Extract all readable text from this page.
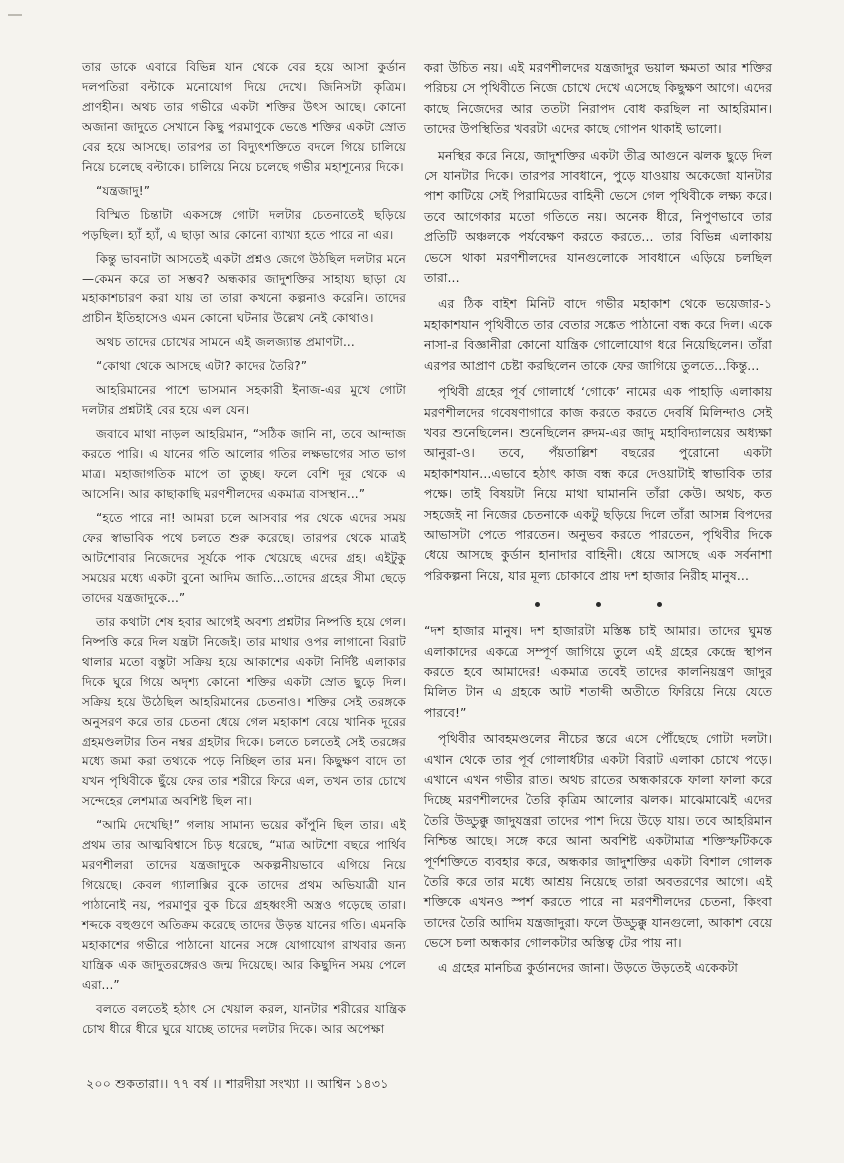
তার ডাকে এবারে বিভিন্ন যান থেকে বের হয়ে আসা কুর্ডান দলপতিরা বল্টাকে মনোযোগ দিয়ে দেখে। জিনিসটা কৃত্রিম। প্রাণহীন। অথচ তার গভীরে একটা শক্তির উৎস আছে। কোনো অজানা জাদুতে সেখানে কিছু পরমাণুকে ভেঙে শক্তির একটা স্রোত বের হয়ে আসছে। তারপর তা বিদ্যুৎশক্তিতে বদলে গিয়ে চালিয়ে নিয়ে চলেছে বল্টাকে। চালিয়ে নিয়ে চলেছে গভীর মহাশূন্যের দিকে।

“যন্ত্রজাদু!”

বিস্মিত চিন্তাটা একসঙ্গে গোটা দলটার চেতনাতেই ছড়িয়ে পড়ছিল। হ্যাঁ হ্যাঁ, এ ছাড়া আর কোনো ব্যাখ্যা হতে পারে না এর।

কিন্তু ভাবনাটা আসতেই একটা প্রশ্নও জেগে উঠছিল দলটার মনে—কেমন করে তা সম্ভব? অন্ধকার জাদুশক্তির সাহায্য ছাড়া যে মহাকাশচারণ করা যায় তা তারা কখনো কল্পনাও করেনি। তাদের প্রাচীন ইতিহাসেও এমন কোনো ঘটনার উল্লেখ নেই কোথাও।

অথচ তাদের চোখের সামনে এই জলজ্যান্ত প্রমাণটা...

“কোথা থেকে আসছে এটা? কাদের তৈরি?”

আহরিমানের পাশে ভাসমান সহকারী ইনাজ-এর মুখে গোটা দলটার প্রশ্নটাই বের হয়ে এল যেন।

জবাবে মাথা নাড়ল আহরিমান, “সঠিক জানি না, তবে আন্দাজ করতে পারি। এ যানের গতি আলোর গতির লক্ষভাগের সাত ভাগ মাত্র। মহাজাগতিক মাপে তা তুচ্ছ। ফলে বেশি দূর থেকে এ আসেনি। আর কাছাকাছি মরণশীলদের একমাত্র বাসস্থান...”

“হতে পারে না! আমরা চলে আসবার পর থেকে এদের সময় ফের স্বাভাবিক পথে চলতে শুরু করেছে। তারপর থেকে মাত্রই আটশোবার নিজেদের সূর্যকে পাক খেয়েছে এদের গ্রহ। এইটুকু সময়ের মধ্যে একটা বুনো আদিম জাতি...তাদের গ্রহের সীমা ছেড়ে তাদের যন্ত্রজাদুকে...”

তার কথাটা শেষ হবার আগেই অবশ্য প্রশ্নটার নিষ্পত্তি হয়ে গেল। নিষ্পত্তি করে দিল যন্ত্রটা নিজেই। তার মাথার ওপর লাগানো বিরাট থালার মতো বস্তুটা সক্রিয় হয়ে আকাশের একটা নির্দিষ্ট এলাকার দিকে ঘুরে গিয়ে অদৃশ্য কোনো শক্তির একটা স্রোত ছুড়ে দিল। সক্রিয় হয়ে উঠেছিল আহরিমানের চেতনাও। শক্তির সেই তরঙ্গকে অনুসরণ করে তার চেতনা ধেয়ে গেল মহাকাশ বেয়ে খানিক দূরের গ্রহমণ্ডলটার তিন নম্বর গ্রহটার দিকে। চলতে চলতেই সেই তরঙ্গের মধ্যে জমা করা তথ্যকে পড়ে নিচ্ছিল তার মন। কিছুক্ষণ বাদে তা যখন পৃথিবীকে ছুঁয়ে ফের তার শরীরে ফিরে এল, তখন তার চোখে সন্দেহের লেশমাত্র অবশিষ্ট ছিল না।

“আমি দেখেছি!” গলায় সামান্য ভয়ের কাঁপুনি ছিল তার। এই প্রথম তার আত্মবিশ্বাসে চিড় ধরেছে, “মাত্র আটশো বছরে পার্থিব মরণশীলরা তাদের যন্ত্রজাদুকে অকল্পনীয়ভাবে এগিয়ে নিয়ে গিয়েছে। কেবল গ্যালাক্সির বুকে তাদের প্রথম অভিযাত্রী যান পাঠানোই নয়, পরমাণুর বুক চিরে গ্রহধ্বংসী অস্ত্রও গড়েছে তারা। শব্দকে বহুগুণে অতিক্রম করেছে তাদের উড়ন্ত যানের গতি। এমনকি মহাকাশের গভীরে পাঠানো যানের সঙ্গে যোগাযোগ রাখবার জন্য যান্ত্রিক এক জাদুতরঙ্গেরও জন্ম দিয়েছে। আর কিছুদিন সময় পেলে এরা...”

বলতে বলতেই হঠাৎ সে খেয়াল করল, যানটার শরীরের যান্ত্রিক চোখ ধীরে ধীরে ঘুরে যাচ্ছে তাদের দলটার দিকে। আর অপেক্ষা

করা উচিত নয়। এই মরণশীলদের যন্ত্রজাদুর ভয়াল ক্ষমতা আর শক্তির পরিচয় সে পৃথিবীতে নিজে চোখে দেখে এসেছে কিছুক্ষণ আগে। এদের কাছে নিজেদের আর ততটা নিরাপদ বোধ করছিল না আহরিমান। তাদের উপস্থিতির খবরটা এদের কাছে গোপন থাকাই ভালো।

মনস্থির করে নিয়ে, জাদুশক্তির একটা তীব্র আগুনে ঝলক ছুড়ে দিল সে যানটার দিকে। তারপর সাবধানে, পুড়ে যাওয়ায় অকেজো যানটার পাশ কাটিয়ে সেই পিরামিডের বাহিনী ভেসে গেল পৃথিবীকে লক্ষ্য করে। তবে আগেকার মতো গতিতে নয়। অনেক ধীরে, নিপুণভাবে তার প্রতিটি অঞ্চলকে পর্যবেক্ষণ করতে করতে... তার বিভিন্ন এলাকায় ভেসে থাকা মরণশীলদের যানগুলোকে সাবধানে এড়িয়ে চলছিল তারা...

এর ঠিক বাইশ মিনিট বাদে গভীর মহাকাশ থেকে ভয়েজার-১ মহাকাশযান পৃথিবীতে তার বেতার সঙ্কেত পাঠানো বন্ধ করে দিল। একে নাসা-র বিজ্ঞানীরা কোনো যান্ত্রিক গোলোযোগ ধরে নিয়েছিলেন। তাঁরা এরপর আপ্রাণ চেষ্টা করছিলেন তাকে ফের জাগিয়ে তুলতে...কিন্তু...

পৃথিবী গ্রহের পূর্ব গোলার্ধে ‘গোকে’ নামের এক পাহাড়ি এলাকায় মরণশীলদের গবেষণাগারে কাজ করতে করতে দেবর্ষি মিলিন্দাও সেই খবর শুনেছিলেন। শুনেছিলেন রুদম-এর জাদু মহাবিদ্যালয়ের অধ্যক্ষা আনুরা-ও। তবে, পঁয়তাল্লিশ বছরের পুরোনো একটা মহাকাশযান...এভাবে হঠাৎ কাজ বন্ধ করে দেওয়াটাই স্বাভাবিক তার পক্ষে। তাই বিষয়টা নিয়ে মাথা ঘামাননি তাঁরা কেউ। অথচ, কত সহজেই না নিজের চেতনাকে একটু ছড়িয়ে দিলে তাঁরা আসন্ন বিপদের আভাসটা পেতে পারতেন। অনুভব করতে পারতেন, পৃথিবীর দিকে ধেয়ে আসছে কুর্ডান হানাদার বাহিনী। ধেয়ে আসছে এক সর্বনাশা পরিকল্পনা নিয়ে, যার মূল্য চোকাবে প্রায় দশ হাজার নিরীহ মানুষ...

“দশ হাজার মানুষ। দশ হাজারটা মস্তিষ্ক চাই আমার। তাদের ঘুমন্ত এলাকাদের একত্রে সম্পূর্ণ জাগিয়ে তুলে এই গ্রহের কেন্দ্রে স্থাপন করতে হবে আমাদের! একমাত্র তবেই তাদের কালনিয়ন্ত্রণ জাদুর মিলিত টান এ গ্রহকে আট শতাব্দী অতীতে ফিরিয়ে নিয়ে যেতে পারবে!”

পৃথিবীর আবহমণ্ডলের নীচের স্তরে এসে পৌঁছেছে গোটা দলটা। এখান থেকে তার পূর্ব গোলার্ধটার একটা বিরাট এলাকা চোখে পড়ে। এখানে এখন গভীর রাত। অথচ রাতের অন্ধকারকে ফালা ফালা করে দিচ্ছে মরণশীলদের তৈরি কৃত্রিম আলোর ঝলক। মাঝেমাঝেই এদের তৈরি উড্ডুক্কু জাদুযন্ত্ররা তাদের পাশ দিয়ে উড়ে যায়। তবে আহরিমান নিশ্চিন্ত আছে। সঙ্গে করে আনা অবশিষ্ট একটামাত্র শক্তিস্ফটিককে পূর্ণশক্তিতে ব্যবহার করে, অন্ধকার জাদুশক্তির একটা বিশাল গোলক তৈরি করে তার মধ্যে আশ্রয় নিয়েছে তারা অবতরণের আগে। এই শক্তিকে এখনও স্পর্শ করতে পারে না মরণশীলদের চেতনা, কিংবা তাদের তৈরি আদিম যন্ত্রজাদুরা। ফলে উড্ডুক্কু যানগুলো, আকাশ বেয়ে ভেসে চলা অন্ধকার গোলকটার অস্তিত্ব টের পায় না।

এ গ্রহের মানচিত্র কুর্ডানদের জানা। উড়তে উড়তেই একেকটা

২০০ শুকতারা।। ৭৭ বর্ষ ।। শারদীয়া সংখ্যা ।। আশ্বিন ১৪৩১
